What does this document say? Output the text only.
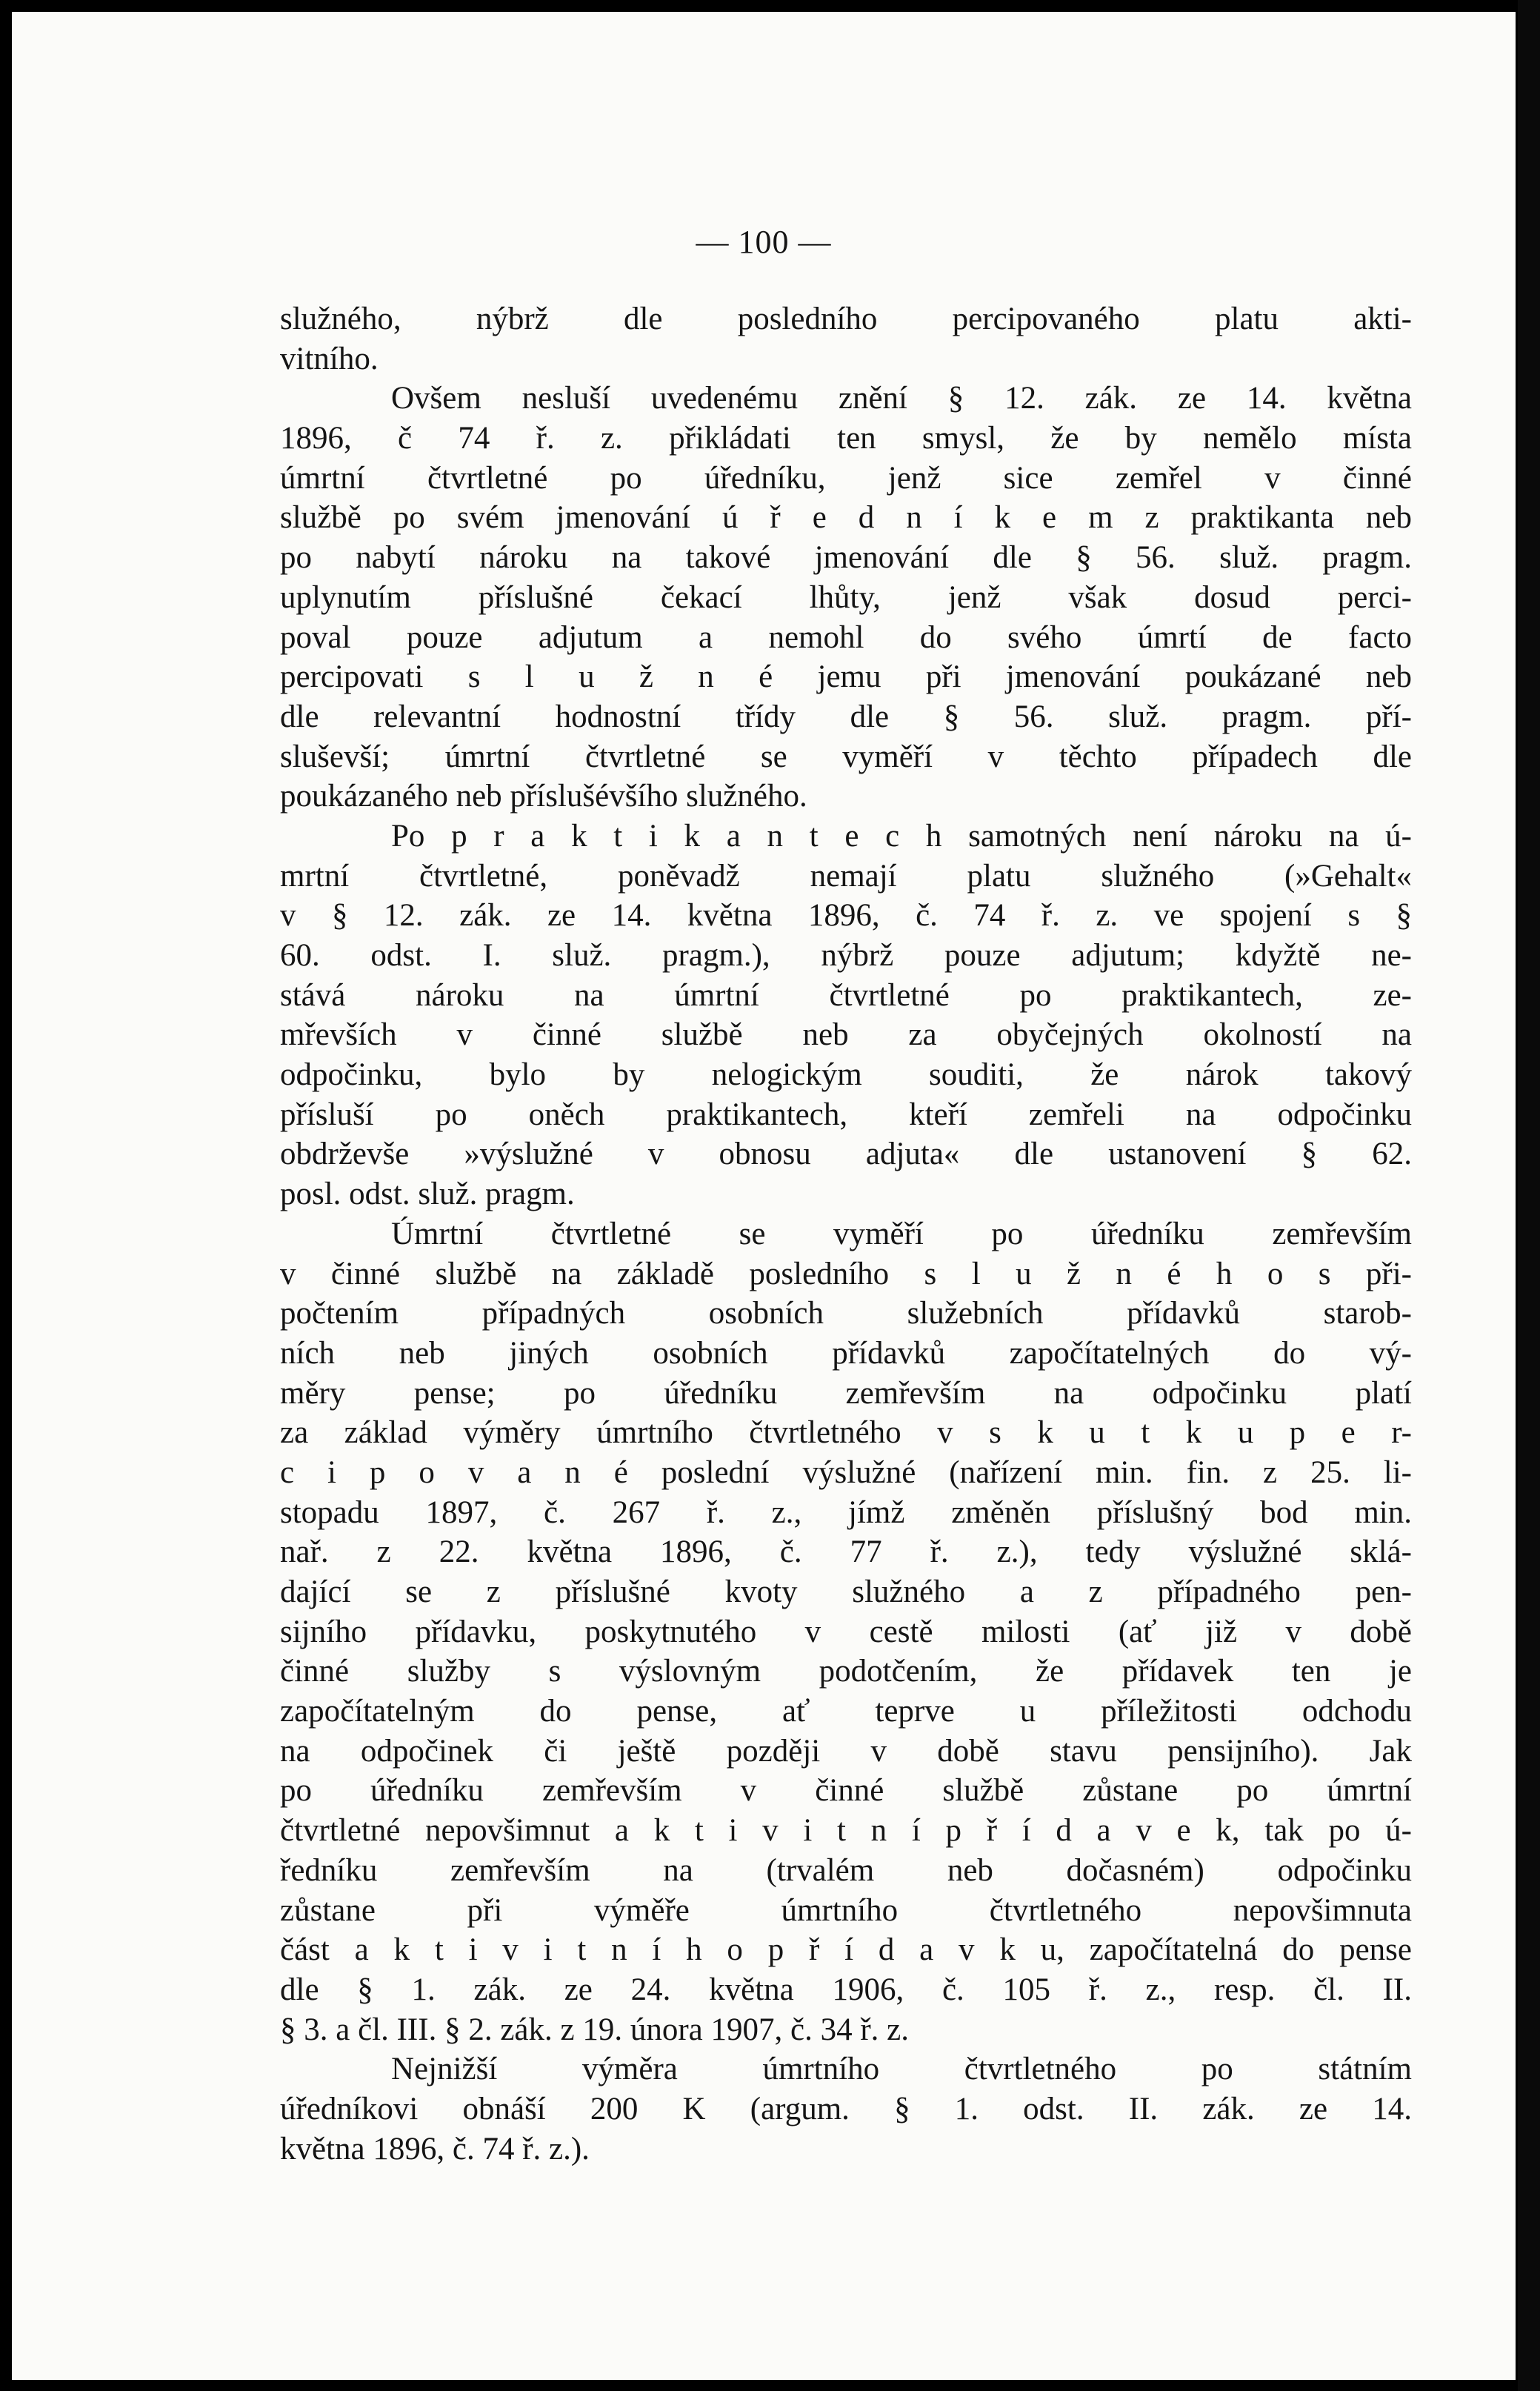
— 100 —
služného, nýbrž dle posledního percipovaného platu akti-
vitního.
Ovšem nesluší uvedenému znění § 12. zák. ze 14. května
1896, č 74 ř. z. přikládati ten smysl, že by nemělo místa
úmrtní čtvrtletné po úředníku, jenž sice zemřel v činné
službě po svém jmenování ú ř e d n í k e m z praktikanta neb
po nabytí nároku na takové jmenování dle § 56. služ. pragm.
uplynutím příslušné čekací lhůty, jenž však dosud perci-
poval pouze adjutum a nemohl do svého úmrtí de facto
percipovati s l u ž n é jemu při jmenování poukázané neb
dle relevantní hodnostní třídy dle § 56. služ. pragm. pří-
sluševší; úmrtní čtvrtletné se vyměří v těchto případech dle
poukázaného neb příslušévšího služného.
Po p r a k t i k a n t e c h samotných není nároku na ú-
mrtní čtvrtletné, poněvadž nemají platu služného (»Gehalt«
v § 12. zák. ze 14. května 1896, č. 74 ř. z. ve spojení s §
60. odst. I. služ. pragm.), nýbrž pouze adjutum; kdyžtě ne-
stává nároku na úmrtní čtvrtletné po praktikantech, ze-
mřevších v činné službě neb za obyčejných okolností na
odpočinku, bylo by nelogickým souditi, že nárok takový
přísluší po oněch praktikantech, kteří zemřeli na odpočinku
obdrževše »výslužné v obnosu adjuta« dle ustanovení § 62.
posl. odst. služ. pragm.
Úmrtní čtvrtletné se vyměří po úředníku zemřevším
v činné službě na základě posledního s l u ž n é h o s při-
počtením případných osobních služebních přídavků starob-
ních neb jiných osobních přídavků započítatelných do vý-
měry pense; po úředníku zemřevším na odpočinku platí
za základ výměry úmrtního čtvrtletného v s k u t k u p e r-
c i p o v a n é poslední výslužné (nařízení min. fin. z 25. li-
stopadu 1897, č. 267 ř. z., jímž změněn příslušný bod min.
nař. z 22. května 1896, č. 77 ř. z.), tedy výslužné sklá-
dající se z příslušné kvoty služného a z případného pen-
sijního přídavku, poskytnutého v cestě milosti (ať již v době
činné služby s výslovným podotčením, že přídavek ten je
započítatelným do pense, ať teprve u příležitosti odchodu
na odpočinek či ještě později v době stavu pensijního). Jak
po úředníku zemřevším v činné službě zůstane po úmrtní
čtvrtletné nepovšimnut a k t i v i t n í p ř í d a v e k, tak po ú-
ředníku zemřevším na (trvalém neb dočasném) odpočinku
zůstane při výměře úmrtního čtvrtletného nepovšimnuta
část a k t i v i t n í h o p ř í d a v k u, započítatelná do pense
dle § 1. zák. ze 24. května 1906, č. 105 ř. z., resp. čl. II.
§ 3. a čl. III. § 2. zák. z 19. února 1907, č. 34 ř. z.
Nejnižší výměra úmrtního čtvrtletného po státním
úředníkovi obnáší 200 K (argum. § 1. odst. II. zák. ze 14.
května 1896, č. 74 ř. z.).
